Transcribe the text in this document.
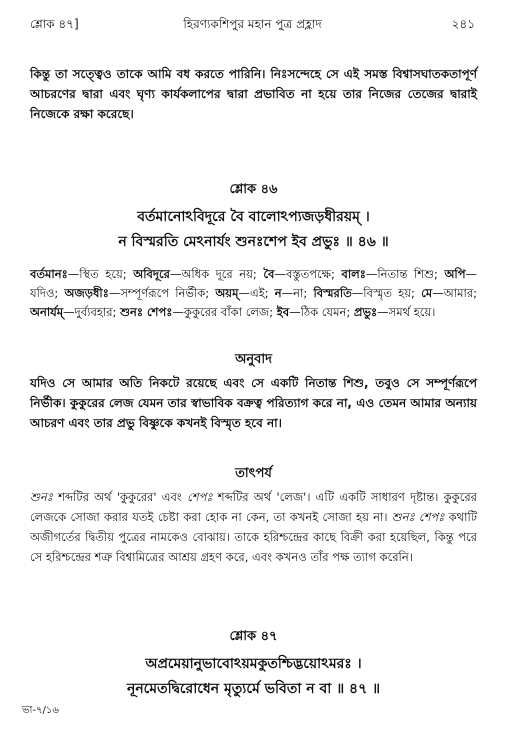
শ্লোক ৪৭]	হিরণ্যকশিপুর মহান পুত্র প্রহ্লাদ	২৪১
কিন্তু তা সত্ত্বেও তাকে আমি বধ করতে পারিনি। নিঃসন্দেহে সে এই সমস্ত বিশ্বাসঘাতকতাপূর্ণ আচরণের দ্বারা এবং ঘৃণ্য কার্যকলাপের দ্বারা প্রভাবিত না হয়ে তার নিজের তেজের দ্বারাই নিজেকে রক্ষা করেছে।
শ্লোক ৪৬
বর্তমানোঽবিদূরে বৈ বালোঽপ্যজড়ধীরয়ম্ ।
ন বিস্মরতি মেঽনার্যং শুনঃশেপ ইব প্রভুঃ ॥ ৪৬ ॥
বর্তমানঃ—স্থিত হয়ে; অবিদূরে—অধিক দূরে নয়; বৈ—বস্তুতপক্ষে; বালঃ—নিতান্ত শিশু; অপি—যদিও; অজড়ধীঃ—সম্পূর্ণরূপে নির্ভীক; অয়ম্—এই; ন—না; বিস্মরতি—বিস্মৃত হয়; মে—আমার; অনার্যম্—দুর্ব্যবহার; শুনঃ শেপঃ—কুকুরের বাঁকা লেজ; ইব—ঠিক যেমন; প্রভুঃ—সমর্থ হয়ে।
অনুবাদ
যদিও সে আমার অতি নিকটে রয়েছে এবং সে একটি নিতান্ত শিশু, তবুও সে সম্পূর্ণরূপে নির্ভীক। কুকুরের লেজ যেমন তার স্বাভাবিক বক্রত্ব পরিত্যাগ করে না, এও তেমন আমার অন্যায় আচরণ এবং তার প্রভু বিষ্ণুকে কখনই বিস্মৃত হবে না।
তাৎপর্য
শুনঃ শব্দটির অর্থ 'কুকুরের' এবং শেপঃ শব্দটির অর্থ 'লেজ'। এটি একটি সাধারণ দৃষ্টান্ত। কুকুরের লেজকে সোজা করার যতই চেষ্টা করা হোক না কেন, তা কখনই সোজা হয় না। শুনঃ শেপঃ কথাটি অজীগর্তের দ্বিতীয় পুত্রের নামকেও বোঝায়। তাকে হরিশ্চন্দ্রের কাছে বিক্রী করা হয়েছিল, কিন্তু পরে সে হরিশ্চন্দ্রের শত্রু বিশ্বামিত্রের আশ্রয় গ্রহণ করে, এবং কখনও তাঁর পক্ষ ত্যাগ করেনি।
শ্লোক ৪৭
অপ্রমেয়ানুভাবোঽয়মকুতশ্চিদ্ভয়োঽমরঃ ।
নূনমেতদ্বিরোধেন মৃত্যুর্মে ভবিতা ন বা ॥ ৪৭ ॥
ভা-৭/১৬
